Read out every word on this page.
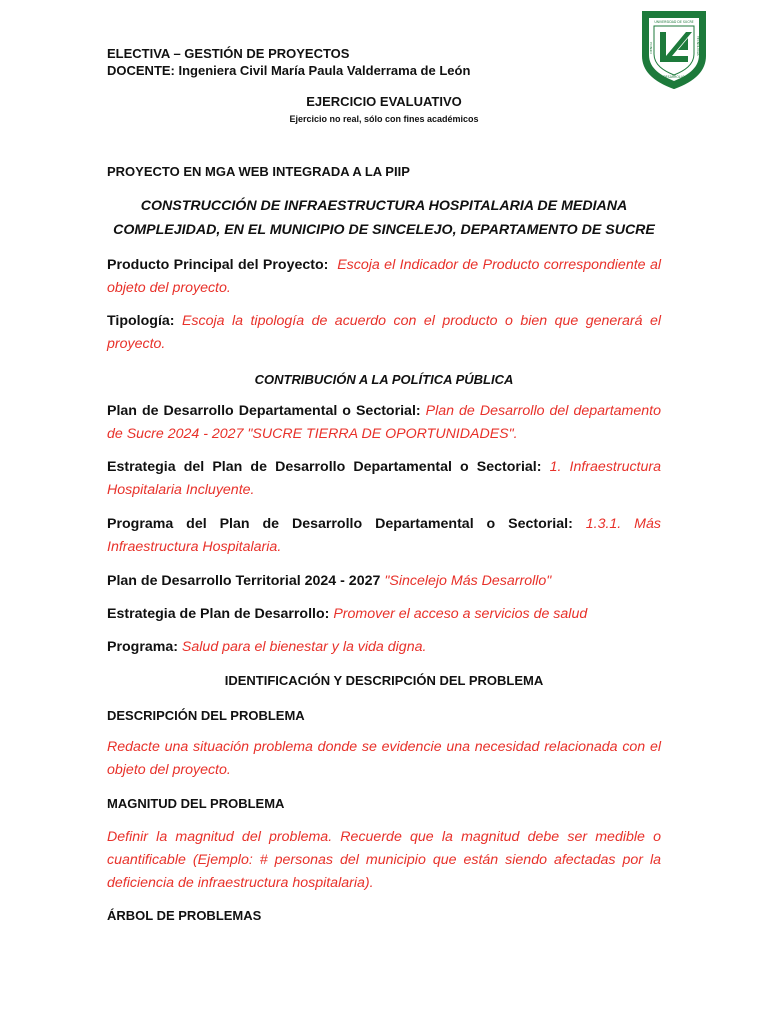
ELECTIVA – GESTIÓN DE PROYECTOS
DOCENTE: Ingeniera Civil María Paula Valderrama de León
UNIVERSIDAD DE SUCRE
CIENCIA	TECNOLOGÍA
DESARROLLO
EJERCICIO EVALUATIVO
Ejercicio no real, sólo con fines académicos
PROYECTO EN MGA WEB INTEGRADA A LA PIIP
CONSTRUCCIÓN DE INFRAESTRUCTURA HOSPITALARIA DE MEDIANA COMPLEJIDAD, EN EL MUNICIPIO DE SINCELEJO, DEPARTAMENTO DE SUCRE
Producto Principal del Proyecto: Escoja el Indicador de Producto correspondiente al objeto del proyecto.
Tipología: Escoja la tipología de acuerdo con el producto o bien que generará el proyecto.
CONTRIBUCIÓN A LA POLÍTICA PÚBLICA
Plan de Desarrollo Departamental o Sectorial: Plan de Desarrollo del departamento de Sucre 2024 - 2027 "SUCRE TIERRA DE OPORTUNIDADES".
Estrategia del Plan de Desarrollo Departamental o Sectorial: 1. Infraestructura Hospitalaria Incluyente.
Programa del Plan de Desarrollo Departamental o Sectorial: 1.3.1. Más Infraestructura Hospitalaria.
Plan de Desarrollo Territorial 2024 - 2027 "Sincelejo Más Desarrollo"
Estrategia de Plan de Desarrollo: Promover el acceso a servicios de salud
Programa: Salud para el bienestar y la vida digna.
IDENTIFICACIÓN Y DESCRIPCIÓN DEL PROBLEMA
DESCRIPCIÓN DEL PROBLEMA
Redacte una situación problema donde se evidencie una necesidad relacionada con el objeto del proyecto.
MAGNITUD DEL PROBLEMA
Definir la magnitud del problema. Recuerde que la magnitud debe ser medible o cuantificable (Ejemplo: # personas del municipio que están siendo afectadas por la deficiencia de infraestructura hospitalaria).
ÁRBOL DE PROBLEMAS
